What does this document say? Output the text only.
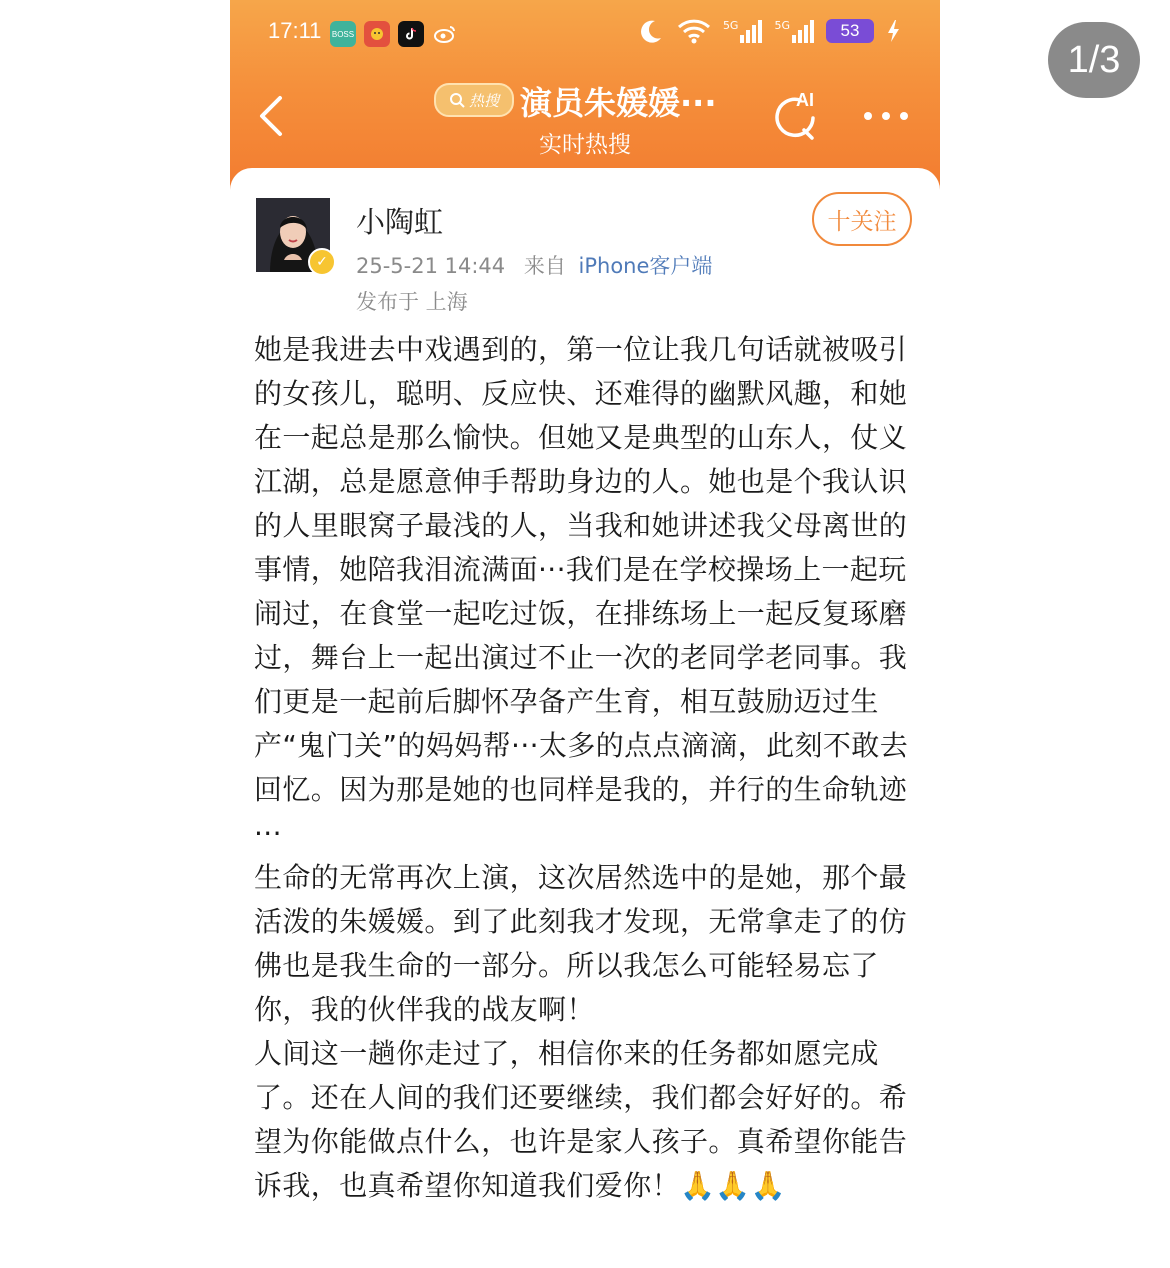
1/3
17:11 BOSS
5G	5G	53
热搜 演员朱媛媛···
实时热搜
AI
✓
小陶虹
25-5-21 14:44 来自 iPhone客户端
发布于 上海
十关注

她是我进去中戏遇到的，第一位让我几句话就被吸引的女孩儿，聪明、反应快、还难得的幽默风趣，和她在一起总是那么愉快。但她又是典型的山东人，仗义江湖，总是愿意伸手帮助身边的人。她也是个我认识的人里眼窝子最浅的人，当我和她讲述我父母离世的事情，她陪我泪流满面···我们是在学校操场上一起玩闹过，在食堂一起吃过饭，在排练场上一起反复琢磨过，舞台上一起出演过不止一次的老同学老同事。我们更是一起前后脚怀孕备产生育，相互鼓励迈过生产“鬼门关”的妈妈帮···太多的点点滴滴，此刻不敢去回忆。因为那是她的也同样是我的，并行的生命轨迹···

生命的无常再次上演，这次居然选中的是她，那个最活泼的朱媛媛。到了此刻我才发现，无常拿走了的仿佛也是我生命的一部分。所以我怎么可能轻易忘了你，我的伙伴我的战友啊！

人间这一趟你走过了，相信你来的任务都如愿完成了。还在人间的我们还要继续，我们都会好好的。希望为你能做点什么，也许是家人孩子。真希望你能告诉我，也真希望你知道我们爱你！🙏🙏🙏
